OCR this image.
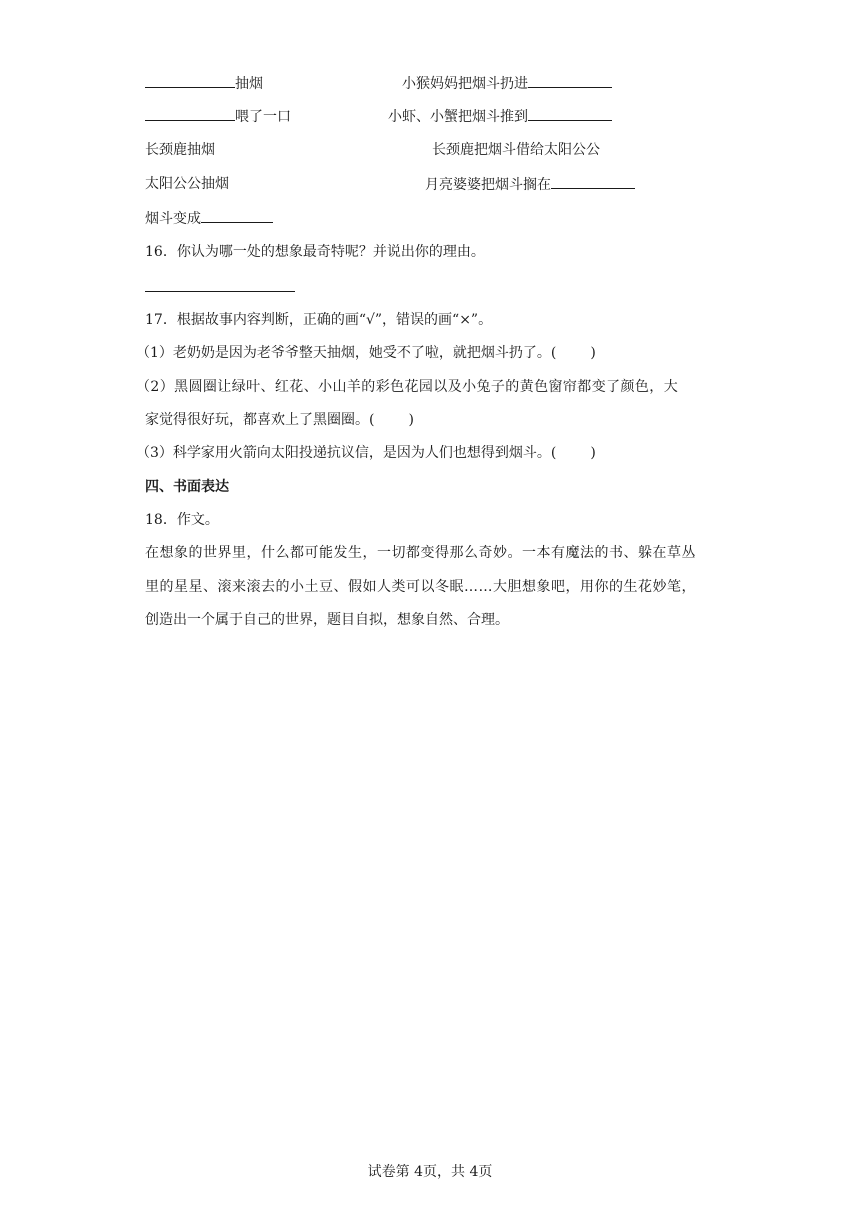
抽烟	小猴妈妈把烟斗扔进
喂了一口	小虾、小蟹把烟斗推到
长颈鹿抽烟	长颈鹿把烟斗借给太阳公公
太阳公公抽烟	月亮婆婆把烟斗搁在
烟斗变成
16．你认为哪一处的想象最奇特呢？并说出你的理由。
17．根据故事内容判断，正确的画“√”，错误的画“×”。
（1）老奶奶是因为老爷爷整天抽烟，她受不了啦，就把烟斗扔了。( )
（2）黑圆圈让绿叶、红花、小山羊的彩色花园以及小兔子的黄色窗帘都变了颜色，大
家觉得很好玩，都喜欢上了黑圈圈。( )
（3）科学家用火箭向太阳投递抗议信，是因为人们也想得到烟斗。( )
四、书面表达
18．作文。
在想象的世界里，什么都可能发生，一切都变得那么奇妙。一本有魔法的书、躲在草丛
里的星星、滚来滚去的小土豆、假如人类可以冬眠……大胆想象吧，用你的生花妙笔，
创造出一个属于自己的世界，题目自拟，想象自然、合理。
试卷第 4页，共 4页
